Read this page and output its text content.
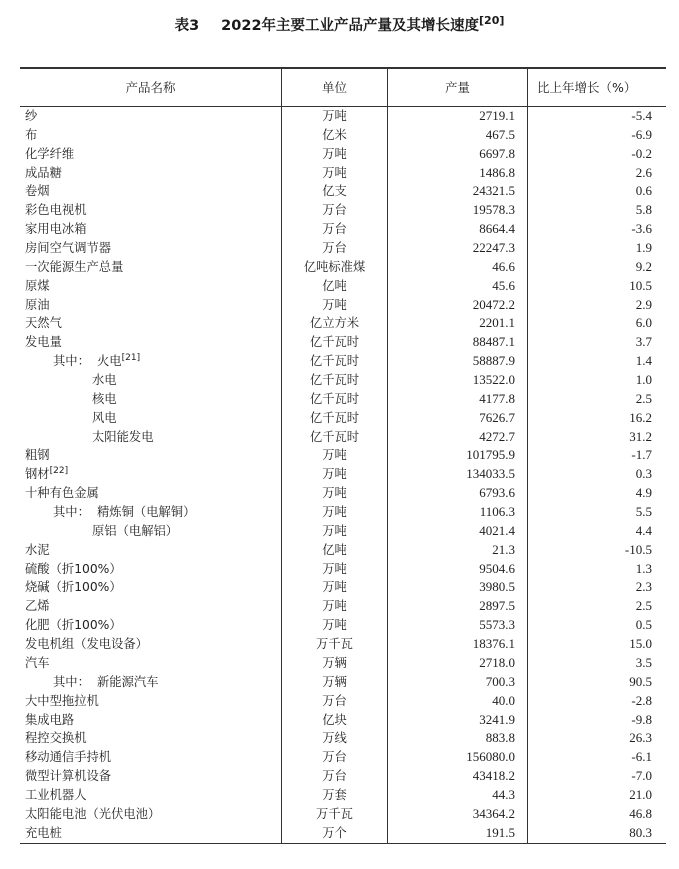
表3 2022年主要工业产品产量及其增长速度[20]
产品名称	单位	产量	比上年增长（%）
纱	万吨	2719.1	-5.4
布	亿米	467.5	-6.9
化学纤维	万吨	6697.8	-0.2
成品糖	万吨	1486.8	2.6
卷烟	亿支	24321.5	0.6
彩色电视机	万台	19578.3	5.8
家用电冰箱	万台	8664.4	-3.6
房间空气调节器	万台	22247.3	1.9
一次能源生产总量	亿吨标准煤	46.6	9.2
原煤	亿吨	45.6	10.5
原油	万吨	20472.2	2.9
天然气	亿立方米	2201.1	6.0
发电量	亿千瓦时	88487.1	3.7
其中： 火电[21]	亿千瓦时	58887.9	1.4
水电	亿千瓦时	13522.0	1.0
核电	亿千瓦时	4177.8	2.5
风电	亿千瓦时	7626.7	16.2
太阳能发电	亿千瓦时	4272.7	31.2
粗钢	万吨	101795.9	-1.7
钢材[22]	万吨	134033.5	0.3
十种有色金属	万吨	6793.6	4.9
其中： 精炼铜（电解铜）	万吨	1106.3	5.5
原铝（电解铝）	万吨	4021.4	4.4
水泥	亿吨	21.3	-10.5
硫酸（折100%）	万吨	9504.6	1.3
烧碱（折100%）	万吨	3980.5	2.3
乙烯	万吨	2897.5	2.5
化肥（折100%）	万吨	5573.3	0.5
发电机组（发电设备）	万千瓦	18376.1	15.0
汽车	万辆	2718.0	3.5
其中： 新能源汽车	万辆	700.3	90.5
大中型拖拉机	万台	40.0	-2.8
集成电路	亿块	3241.9	-9.8
程控交换机	万线	883.8	26.3
移动通信手持机	万台	156080.0	-6.1
微型计算机设备	万台	43418.2	-7.0
工业机器人	万套	44.3	21.0
太阳能电池（光伏电池）	万千瓦	34364.2	46.8
充电桩	万个	191.5	80.3
